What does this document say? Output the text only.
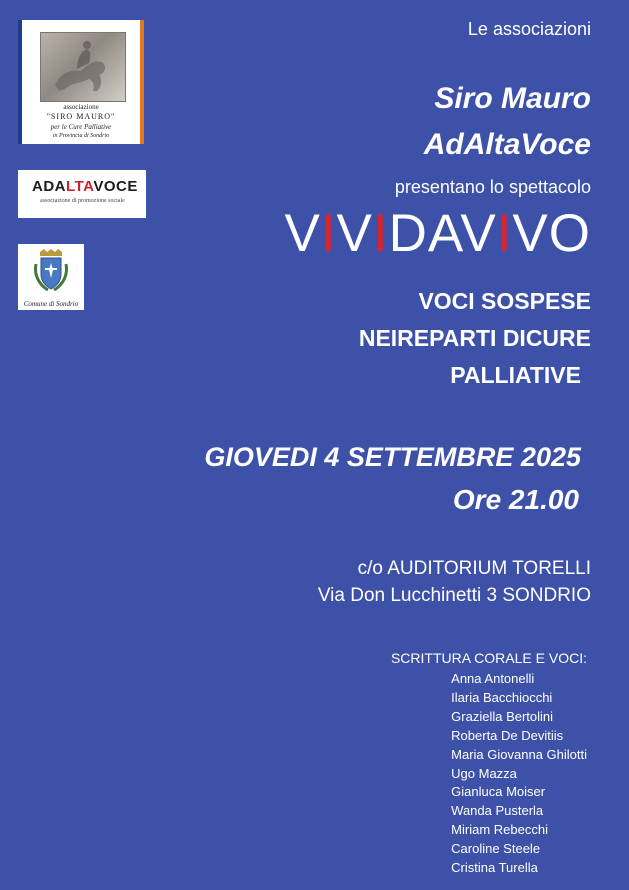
associazione
"SIRO MAURO"
per le Cure Palliative
in Provincia di Sondrio
ADALTAVOCE
associazione di promozione sociale
Comune di Sondrio
Le associazioni
Siro Mauro
AdAltaVoce
presentano lo spettacolo
VIVIDAVIVO
VOCI SOSPESE
NEIREPARTI DICURE
PALLIATIVE
GIOVEDI 4 SETTEMBRE 2025
Ore 21.00
c/o AUDITORIUM TORELLI
Via Don Lucchinetti 3 SONDRIO
SCRITTURA CORALE E VOCI:
Anna Antonelli
Ilaria Bacchiocchi
Graziella Bertolini
Roberta De Devitiis
Maria Giovanna Ghilotti
Ugo Mazza
Gianluca Moiser
Wanda Pusterla
Miriam Rebecchi
Caroline Steele
Cristina Turella
